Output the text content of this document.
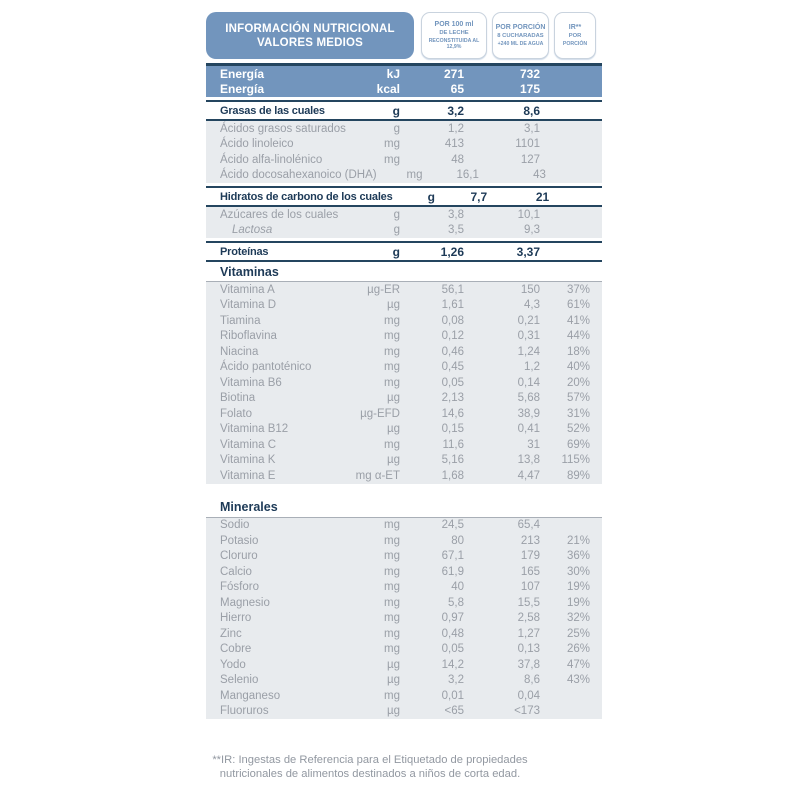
INFORMACIÓN NUTRICIONAL
VALORES MEDIOS
POR 100 ml
DE LECHE
RECONSTITUIDA AL 12,9%
POR PORCIÓN
8 CUCHARADAS
+240 ML DE AGUA
IR**
POR
PORCIÓN
Energía	kJ	271	732
Energía	kcal	65	175
Grasas de las cuales	g	3,2	8,6
Ácidos grasos saturados	g	1,2	3,1
Ácido linoleico	mg	413	1101
Ácido alfa-linolénico	mg	48	127
Ácido docosahexanoico (DHA)	mg	16,1	43
Hidratos de carbono de los cuales	g	7,7	21
Azúcares de los cuales	g	3,8	10,1
Lactosa	g	3,5	9,3
Proteínas	g	1,26	3,37
Vitaminas
Vitamina A	µg-ER	56,1	150	37%
Vitamina D	µg	1,61	4,3	61%
Tiamina	mg	0,08	0,21	41%
Riboflavina	mg	0,12	0,31	44%
Niacina	mg	0,46	1,24	18%
Ácido pantoténico	mg	0,45	1,2	40%
Vitamina B6	mg	0,05	0,14	20%
Biotina	µg	2,13	5,68	57%
Folato	µg-EFD	14,6	38,9	31%
Vitamina B12	µg	0,15	0,41	52%
Vitamina C	mg	11,6	31	69%
Vitamina K	µg	5,16	13,8	115%
Vitamina E	mg α-ET	1,68	4,47	89%
Minerales
Sodio	mg	24,5	65,4
Potasio	mg	80	213	21%
Cloruro	mg	67,1	179	36%
Calcio	mg	61,9	165	30%
Fósforo	mg	40	107	19%
Magnesio	mg	5,8	15,5	19%
Hierro	mg	0,97	2,58	32%
Zinc	mg	0,48	1,27	25%
Cobre	mg	0,05	0,13	26%
Yodo	µg	14,2	37,8	47%
Selenio	µg	3,2	8,6	43%
Manganeso	mg	0,01	0,04
Fluoruros	µg	<65	<173
**IR: Ingestas de Referencia para el Etiquetado de propiedades
nutricionales de alimentos destinados a niños de corta edad.
